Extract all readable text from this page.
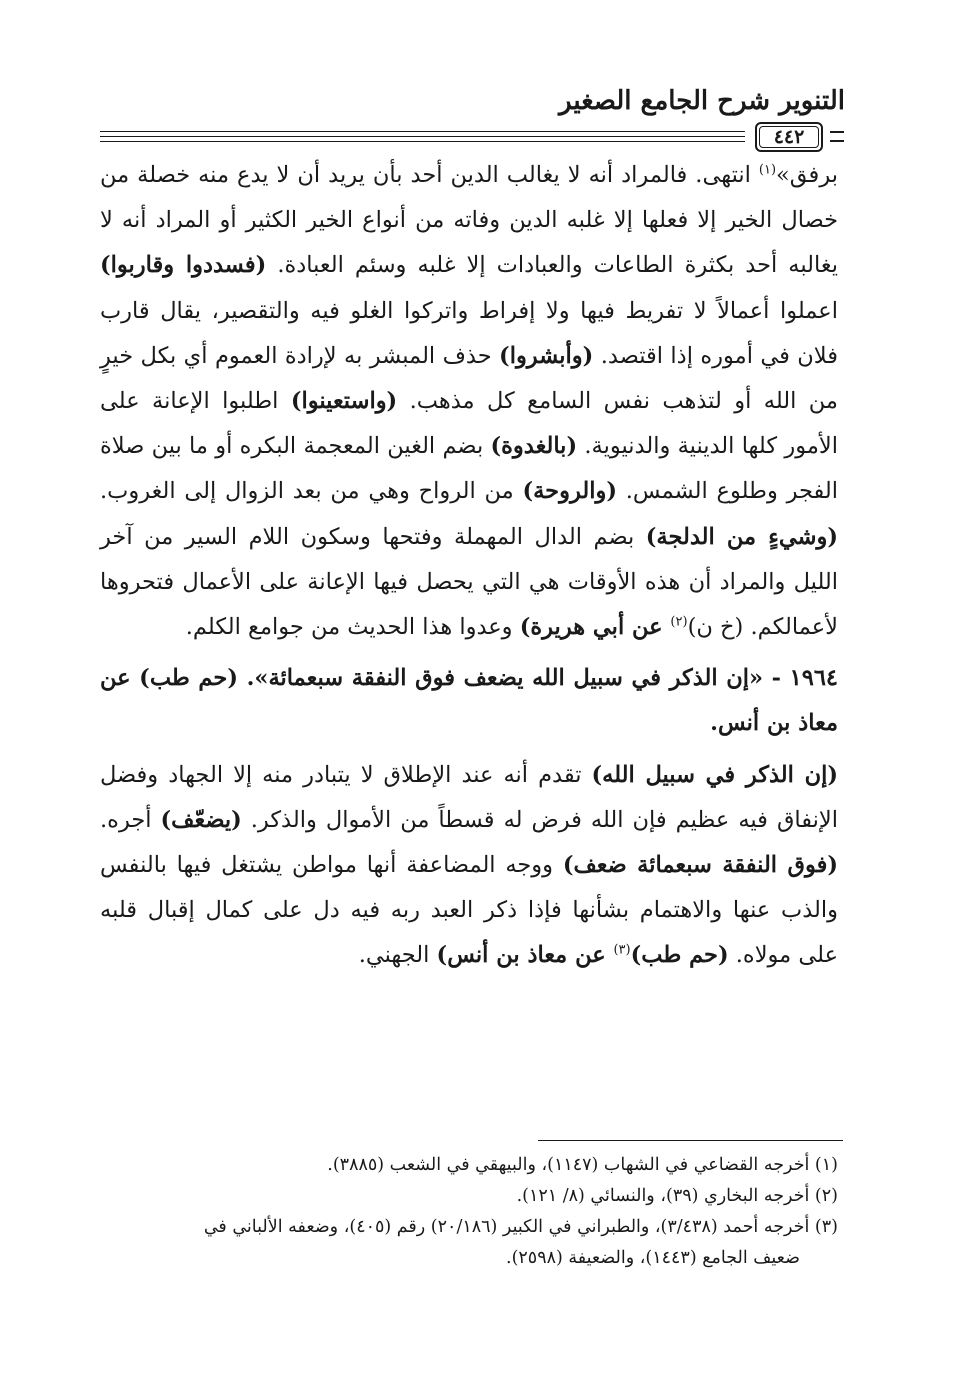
التنوير شرح الجامع الصغير
٤٤٢

برفق»$^{(١)}$ انتهى. فالمراد أنه لا يغالب الدين أحد بأن يريد أن لا يدع منه خصلة من خصال الخير إلا فعلها إلا غلبه الدين وفاته من أنواع الخير الكثير أو المراد أنه لا يغالبه أحد بكثرة الطاعات والعبادات إلا غلبه وسئم العبادة. (فسددوا وقاربوا) اعملوا أعمالاً لا تفريط فيها ولا إفراط واتركوا الغلو فيه والتقصير، يقال قارب فلان في أموره إذا اقتصد. (وأبشروا) حذف المبشر به لإرادة العموم أي بكل خيرٍ من الله أو لتذهب نفس السامع كل مذهب. (واستعينوا) اطلبوا الإعانة على الأمور كلها الدينية والدنيوية. (بالغدوة) بضم الغين المعجمة البكره أو ما بين صلاة الفجر وطلوع الشمس. (والروحة) من الرواح وهي من بعد الزوال إلى الغروب. (وشيءٍ من الدلجة) بضم الدال المهملة وفتحها وسكون اللام السير من آخر الليل والمراد أن هذه الأوقات هي التي يحصل فيها الإعانة على الأعمال فتحروها لأعمالكم. (خ ن)$^{(٢)}$ عن أبي هريرة) وعدوا هذا الحديث من جوامع الكلم.

١٩٦٤ - «إن الذكر في سبيل الله يضعف فوق النفقة سبعمائة». (حم طب) عن معاذ بن أنس.

(إن الذكر في سبيل الله) تقدم أنه عند الإطلاق لا يتبادر منه إلا الجهاد وفضل الإنفاق فيه عظيم فإن الله فرض له قسطاً من الأموال والذكر. (يضعّف) أجره. (فوق النفقة سبعمائة ضعف) ووجه المضاعفة أنها مواطن يشتغل فيها بالنفس والذب عنها والاهتمام بشأنها فإذا ذكر العبد ربه فيه دل على كمال إقبال قلبه على مولاه. (حم طب)$^{(٣)}$ عن معاذ بن أنس) الجهني.

(١) أخرجه القضاعي في الشهاب (١١٤٧)، والبيهقي في الشعب (٣٨٨٥).

(٢) أخرجه البخاري (٣٩)، والنسائي (٨/ ١٢١).

(٣) أخرجه أحمد (٣/٤٣٨)، والطبراني في الكبير (٢٠/١٨٦) رقم (٤٠٥)، وضعفه الألباني في

ضعيف الجامع (١٤٤٣)، والضعيفة (٢٥٩٨).
